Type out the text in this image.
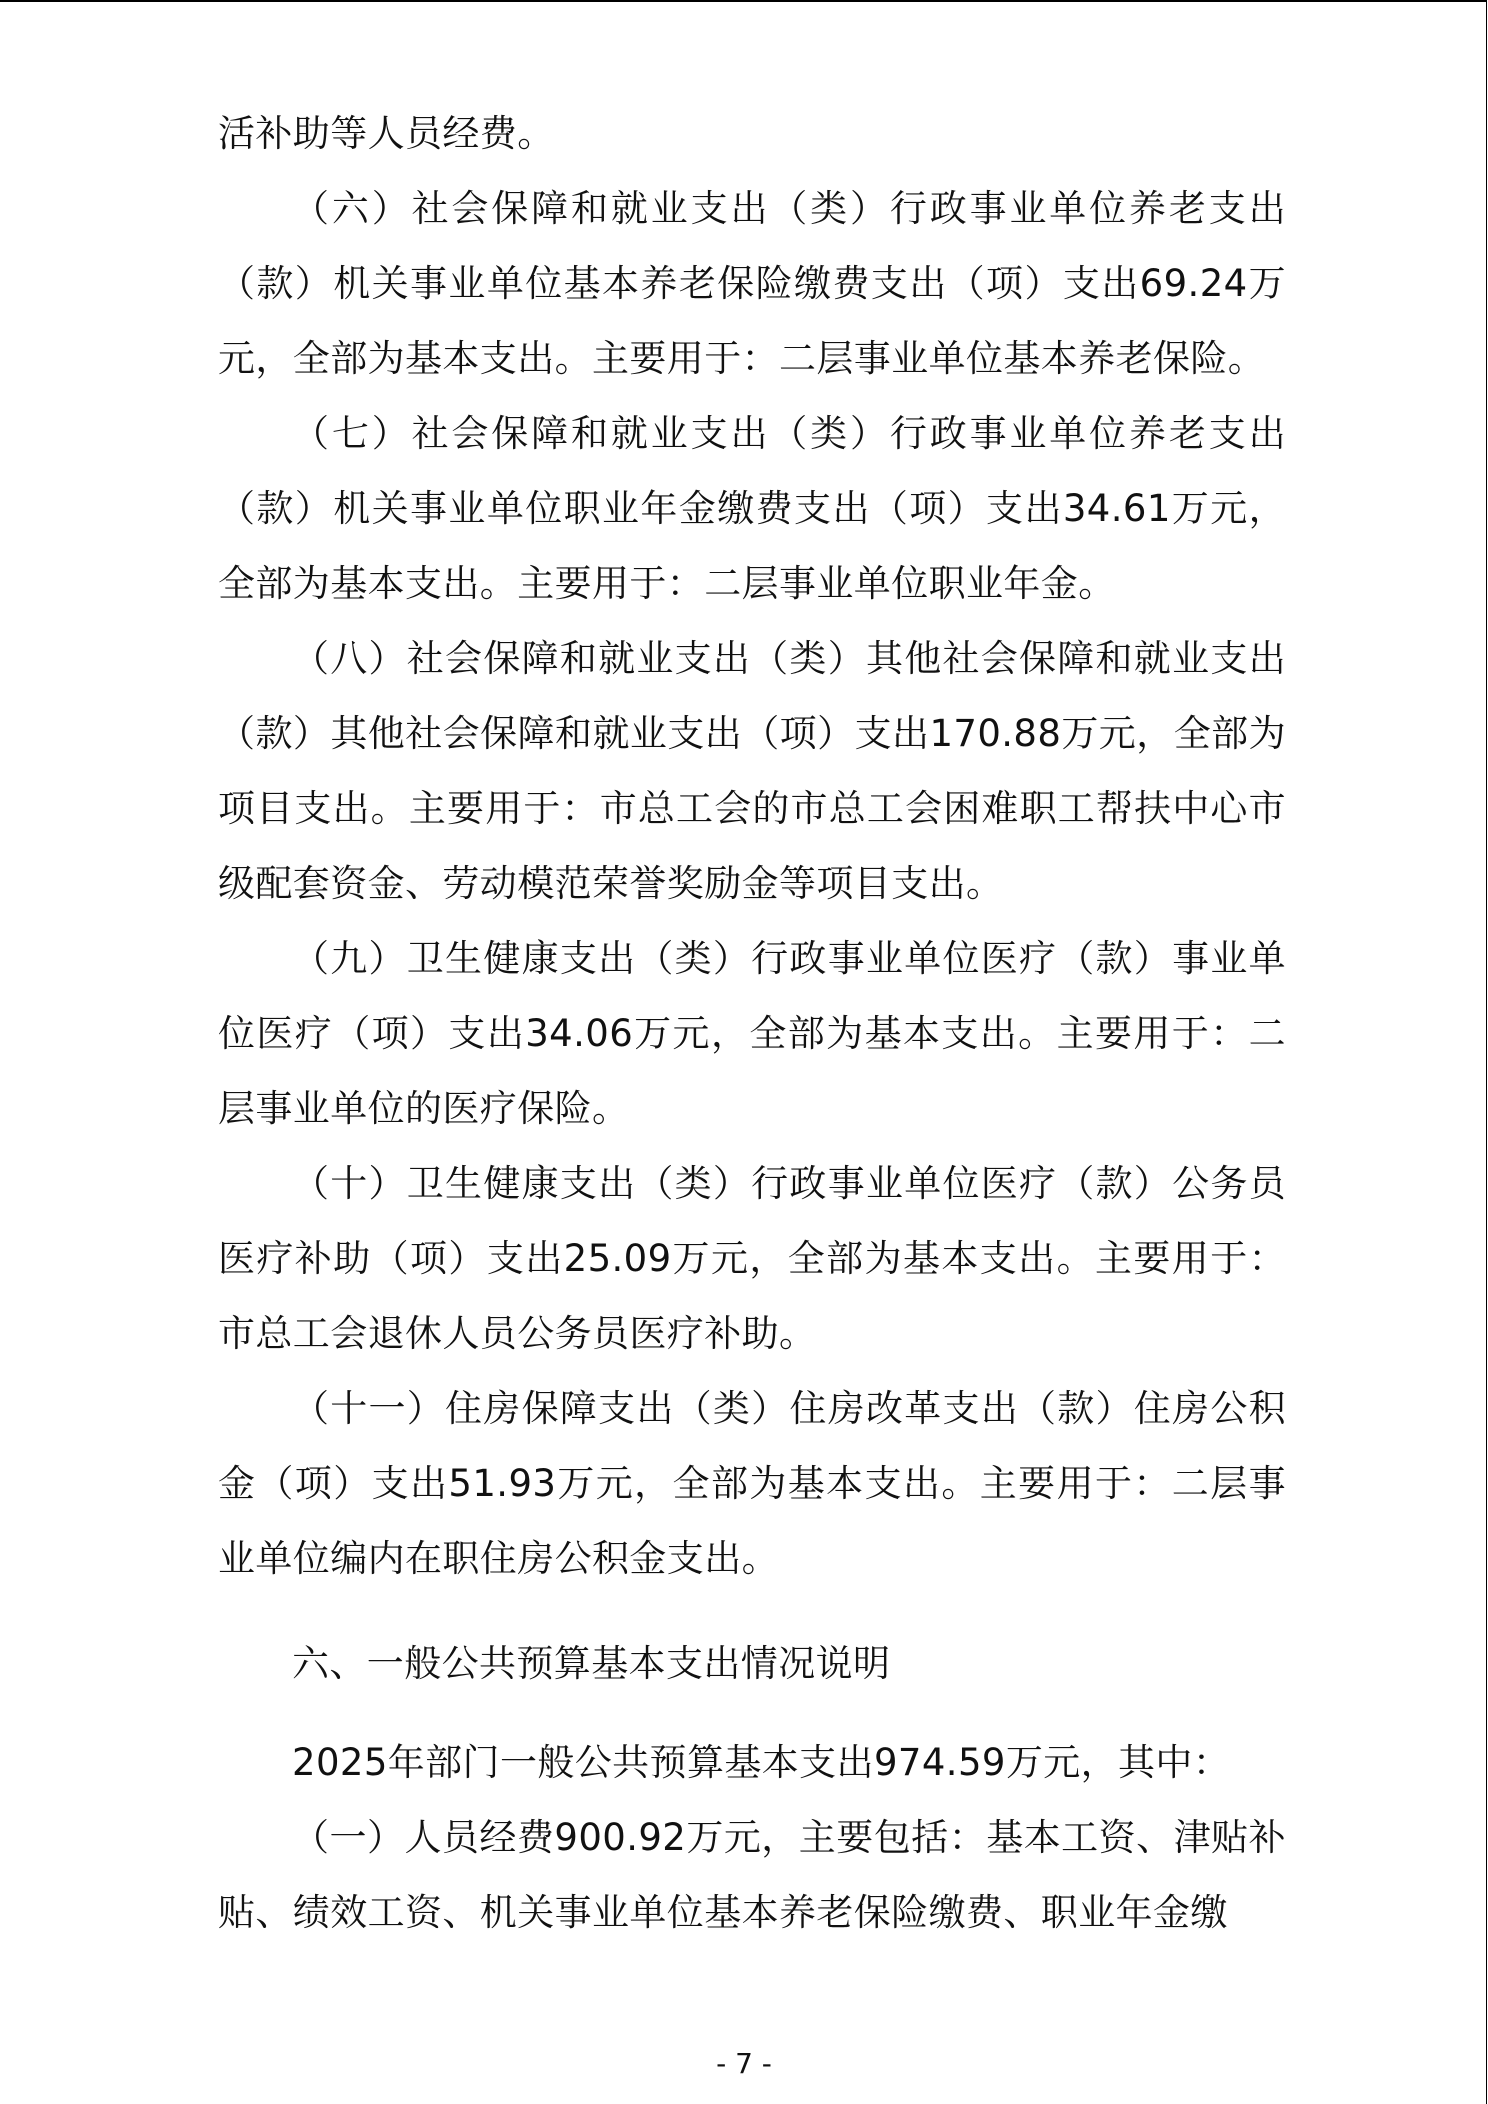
活补助等人员经费。

（六）社会保障和就业支出（类）行政事业单位养老支出（款）机关事业单位基本养老保险缴费支出（项）支出69.24万元，全部为基本支出。主要用于：二层事业单位基本养老保险。

（七）社会保障和就业支出（类）行政事业单位养老支出（款）机关事业单位职业年金缴费支出（项）支出34.61万元，全部为基本支出。主要用于：二层事业单位职业年金。

（八）社会保障和就业支出（类）其他社会保障和就业支出（款）其他社会保障和就业支出（项）支出170.88万元，全部为项目支出。主要用于：市总工会的市总工会困难职工帮扶中心市级配套资金、劳动模范荣誉奖励金等项目支出。

（九）卫生健康支出（类）行政事业单位医疗（款）事业单位医疗（项）支出34.06万元，全部为基本支出。主要用于：二层事业单位的医疗保险。

（十）卫生健康支出（类）行政事业单位医疗（款）公务员医疗补助（项）支出25.09万元，全部为基本支出。主要用于：市总工会退休人员公务员医疗补助。

（十一）住房保障支出（类）住房改革支出（款）住房公积金（项）支出51.93万元，全部为基本支出。主要用于：二层事业单位编内在职住房公积金支出。

六、一般公共预算基本支出情况说明

2025年部门一般公共预算基本支出974.59万元，其中：

（一）人员经费900.92万元，主要包括：基本工资、津贴补贴、绩效工资、机关事业单位基本养老保险缴费、职业年金缴

- 7 -
